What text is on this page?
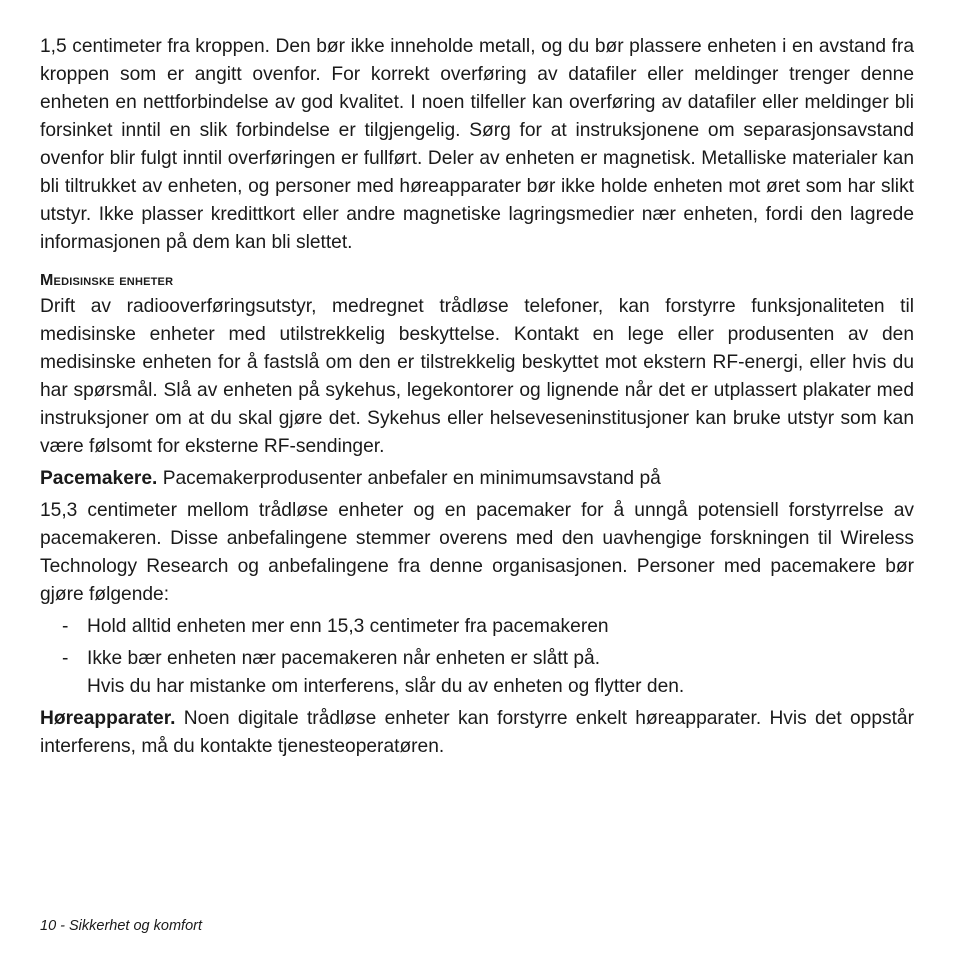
1,5 centimeter fra kroppen. Den bør ikke inneholde metall, og du bør plassere enheten i en avstand fra kroppen som er angitt ovenfor. For korrekt overføring av datafiler eller meldinger trenger denne enheten en nettforbindelse av god kvalitet. I noen tilfeller kan overføring av datafiler eller meldinger bli forsinket inntil en slik forbindelse er tilgjengelig. Sørg for at instruksjonene om separasjonsavstand ovenfor blir fulgt inntil overføringen er fullført. Deler av enheten er magnetisk. Metalliske materialer kan bli tiltrukket av enheten, og personer med høreapparater bør ikke holde enheten mot øret som har slikt utstyr. Ikke plasser kredittkort eller andre magnetiske lagringsmedier nær enheten, fordi den lagrede informasjonen på dem kan bli slettet.

Medisinske enheter

Drift av radiooverføringsutstyr, medregnet trådløse telefoner, kan forstyrre funksjonaliteten til medisinske enheter med utilstrekkelig beskyttelse. Kontakt en lege eller produsenten av den medisinske enheten for å fastslå om den er tilstrekkelig beskyttet mot ekstern RF-energi, eller hvis du har spørsmål. Slå av enheten på sykehus, legekontorer og lignende når det er utplassert plakater med instruksjoner om at du skal gjøre det. Sykehus eller helseveseninstitusjoner kan bruke utstyr som kan være følsomt for eksterne RF-sendinger.

Pacemakere. Pacemakerprodusenter anbefaler en minimumsavstand på

15,3 centimeter mellom trådløse enheter og en pacemaker for å unngå potensiell forstyrrelse av pacemakeren. Disse anbefalingene stemmer overens med den uavhengige forskningen til Wireless Technology Research og anbefalingene fra denne organisasjonen. Personer med pacemakere bør gjøre følgende:

- Hold alltid enheten mer enn 15,3 centimeter fra pacemakeren
- Ikke bær enheten nær pacemakeren når enheten er slått på.
Hvis du har mistanke om interferens, slår du av enheten og flytter den.

Høreapparater. Noen digitale trådløse enheter kan forstyrre enkelt høreapparater. Hvis det oppstår interferens, må du kontakte tjenesteoperatøren.

10 - Sikkerhet og komfort
